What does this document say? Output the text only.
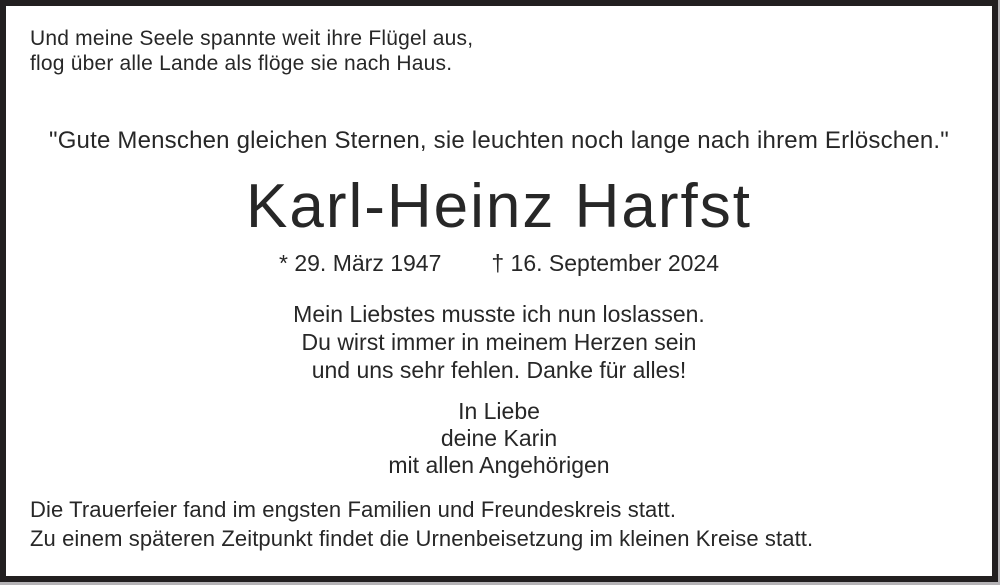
Und meine Seele spannte weit ihre Flügel aus,
flog über alle Lande als flöge sie nach Haus.
"Gute Menschen gleichen Sternen, sie leuchten noch lange nach ihrem Erlöschen."
Karl-Heinz Harfst
* 29. März 1947 † 16. September 2024
Mein Liebstes musste ich nun loslassen.
Du wirst immer in meinem Herzen sein
und uns sehr fehlen. Danke für alles!
In Liebe
deine Karin
mit allen Angehörigen
Die Trauerfeier fand im engsten Familien und Freundeskreis statt.
Zu einem späteren Zeitpunkt findet die Urnenbeisetzung im kleinen Kreise statt.
